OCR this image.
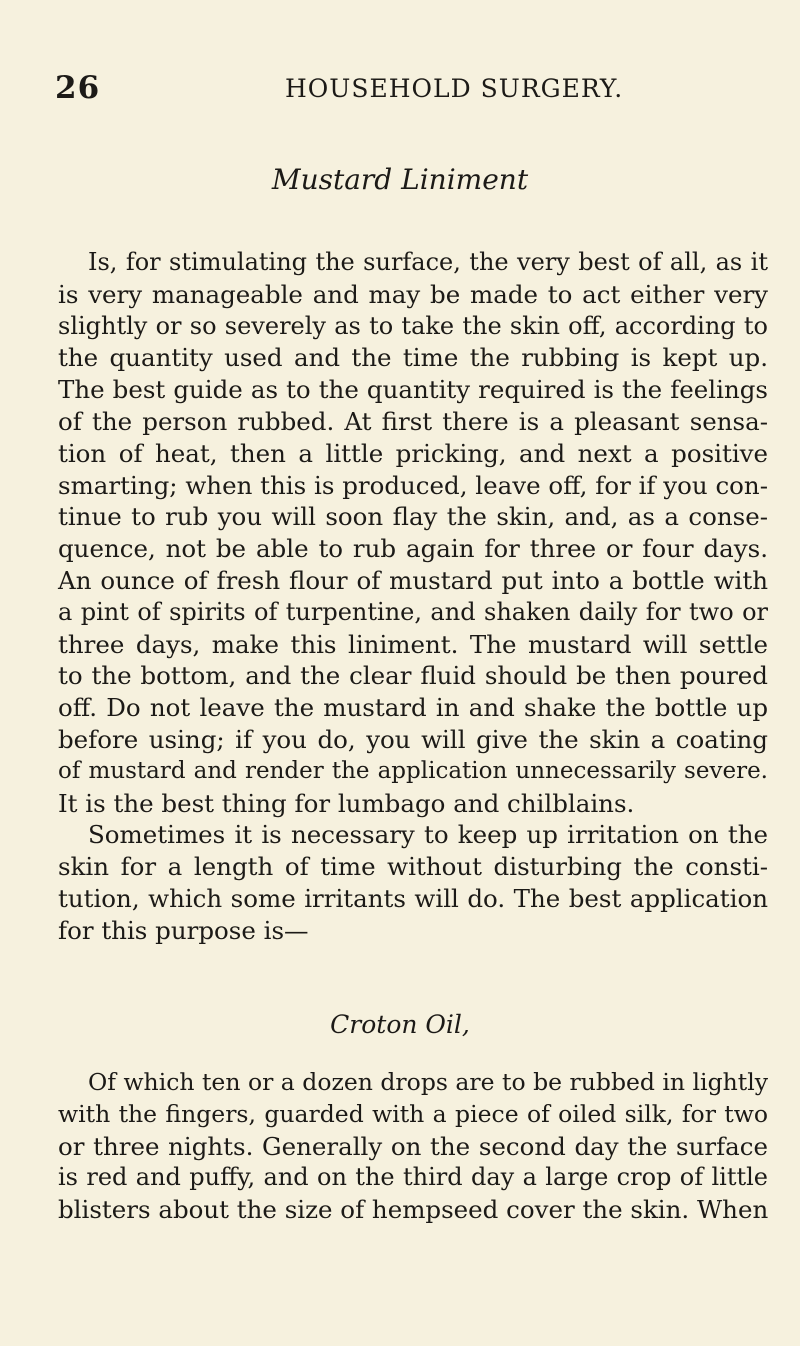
26	HOUSEHOLD SURGERY.
Mustard Liniment
Is, for stimulating the surface, the very best of all, as it
is very manageable and may be made to act either very
slightly or so severely as to take the skin off, according to
the quantity used and the time the rubbing is kept up.
The best guide as to the quantity required is the feelings
of the person rubbed. At first there is a pleasant sensa-
tion of heat, then a little pricking, and next a positive
smarting; when this is produced, leave off, for if you con-
tinue to rub you will soon flay the skin, and, as a conse-
quence, not be able to rub again for three or four days.
An ounce of fresh flour of mustard put into a bottle with
a pint of spirits of turpentine, and shaken daily for two or
three days, make this liniment. The mustard will settle
to the bottom, and the clear fluid should be then poured
off. Do not leave the mustard in and shake the bottle up
before using; if you do, you will give the skin a coating
of mustard and render the application unnecessarily severe.
It is the best thing for lumbago and chilblains.
Sometimes it is necessary to keep up irritation on the
skin for a length of time without disturbing the consti-
tution, which some irritants will do. The best application
for this purpose is—
Croton Oil,
Of which ten or a dozen drops are to be rubbed in lightly
with the fingers, guarded with a piece of oiled silk, for two
or three nights. Generally on the second day the surface
is red and puffy, and on the third day a large crop of little
blisters about the size of hempseed cover the skin. When
